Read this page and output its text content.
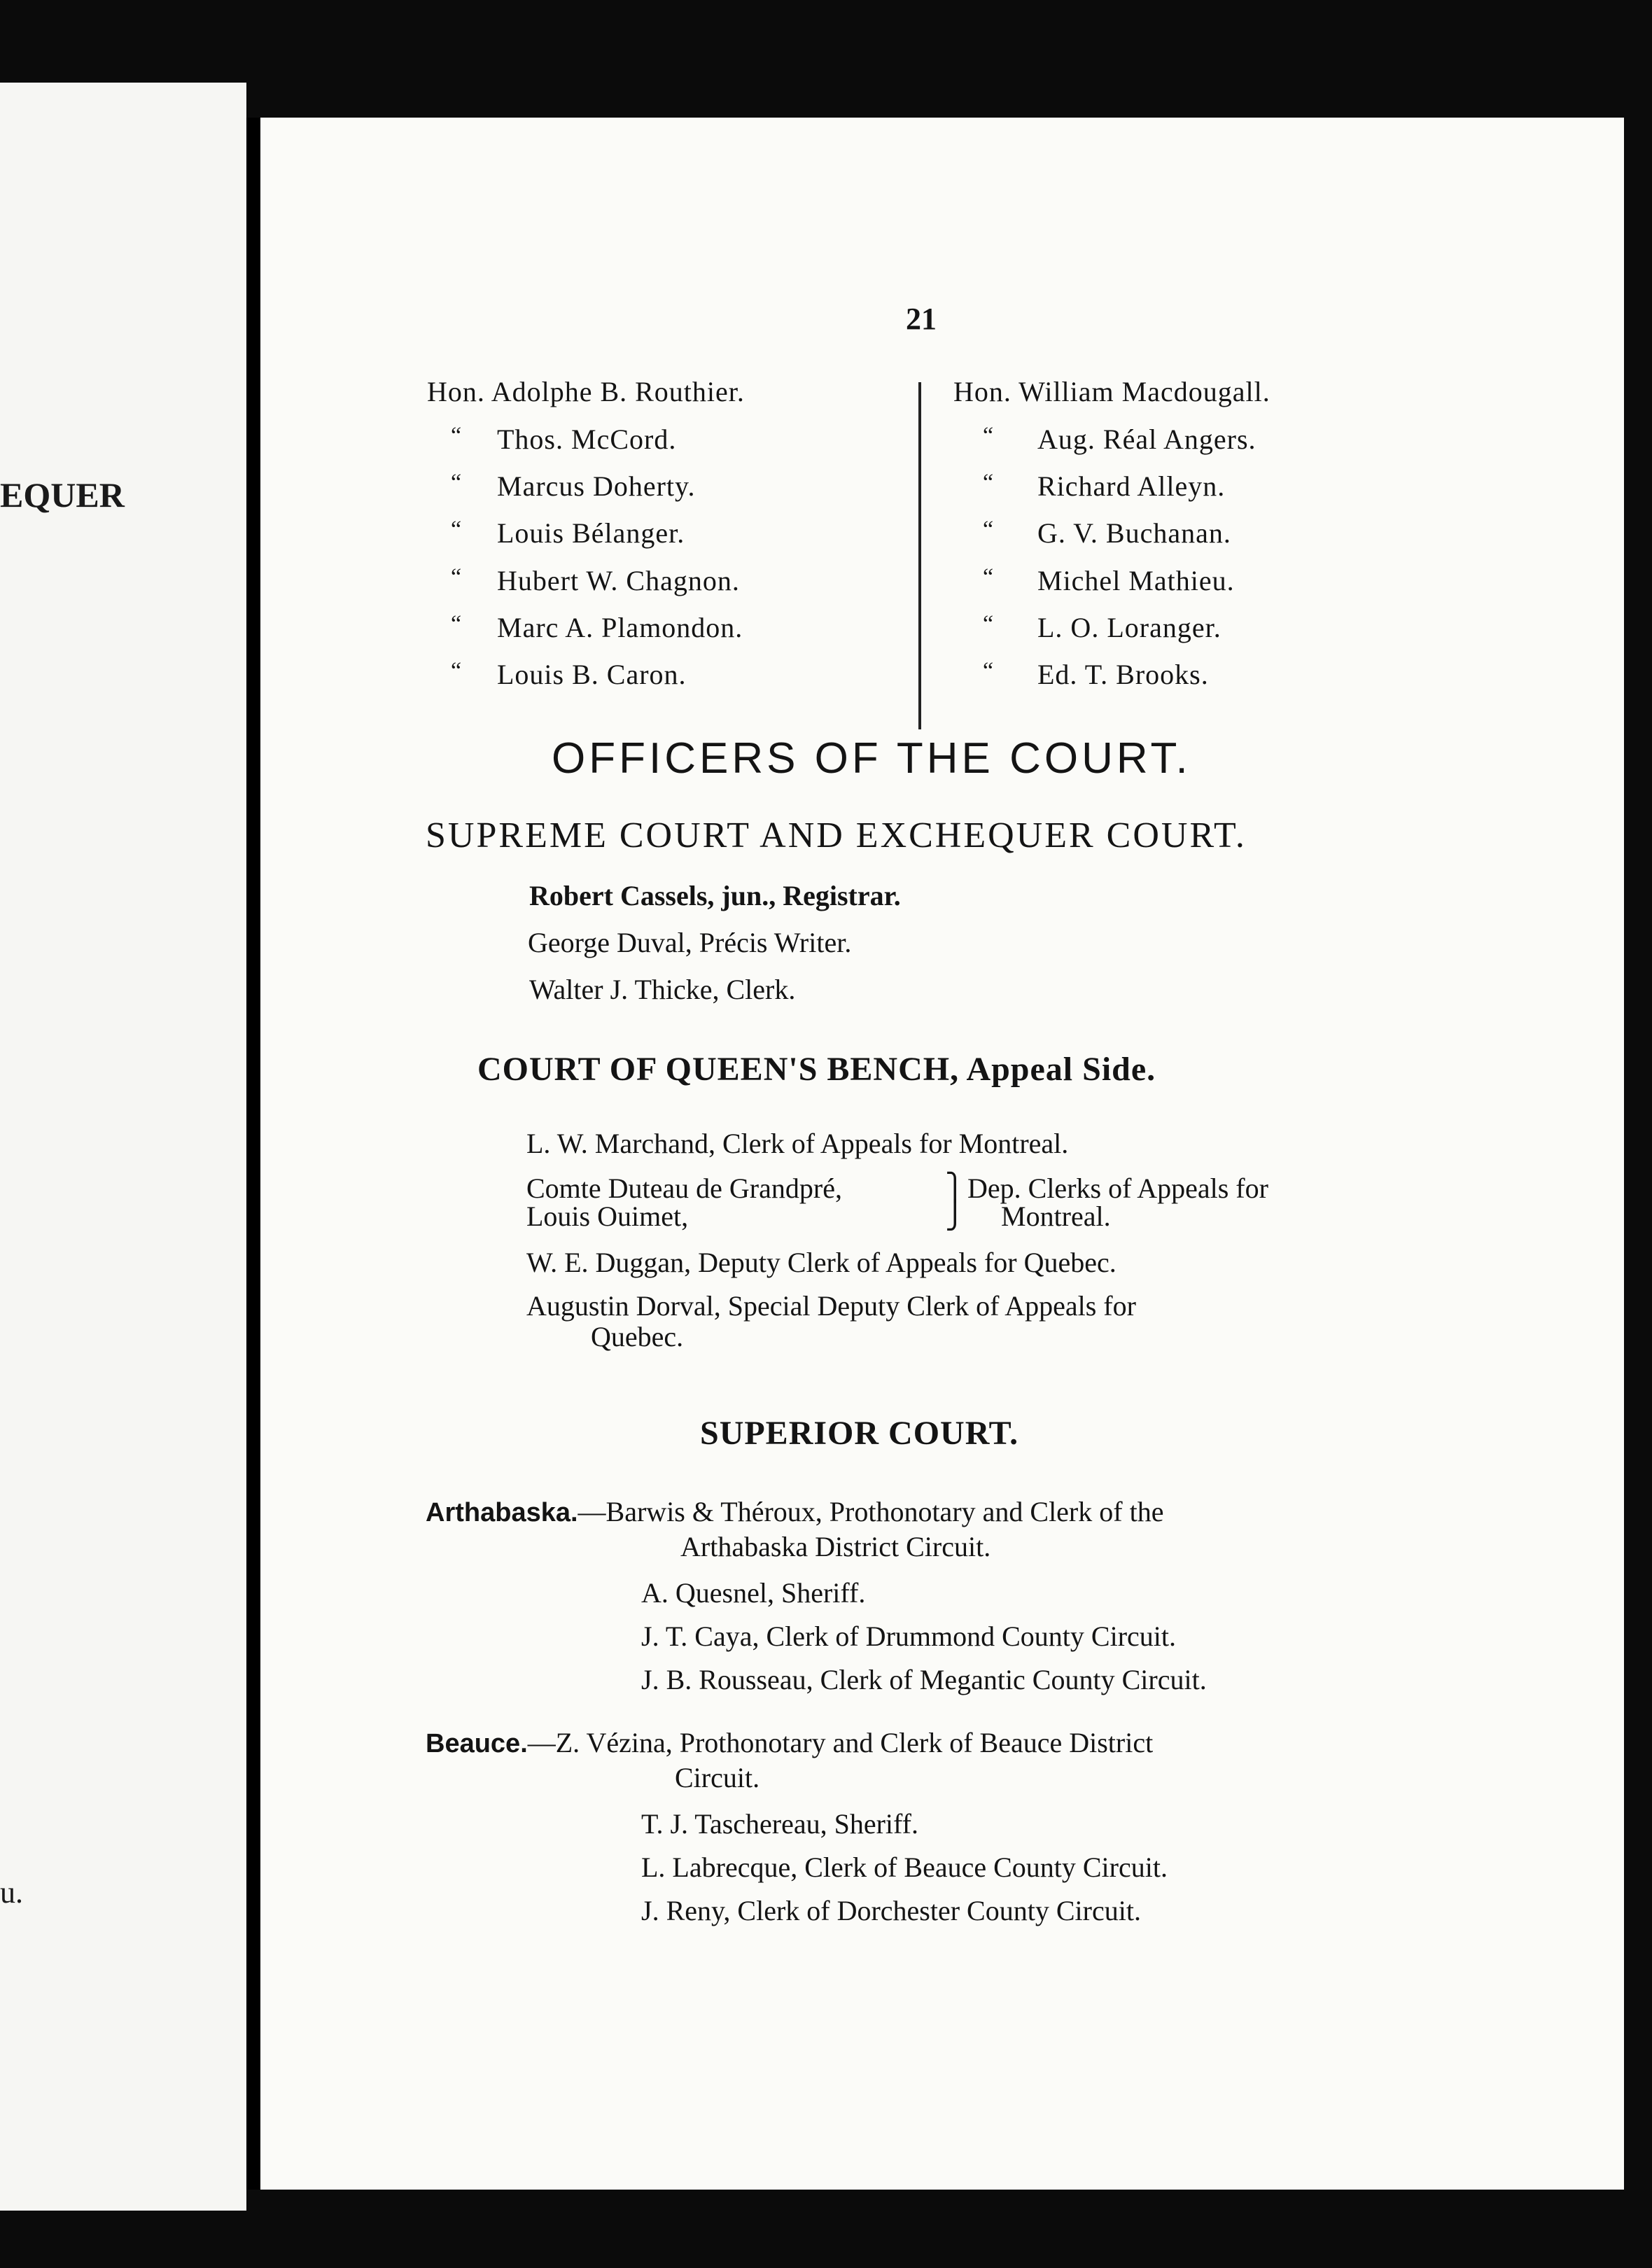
EQUER
u.
21
Hon. Adolphe B. Routhier.
“ Thos. McCord.
“ Marcus Doherty.
“ Louis Bélanger.
“ Hubert W. Chagnon.
“ Marc A. Plamondon.
“ Louis B. Caron.
Hon. William Macdougall.
“ Aug. Réal Angers.
“ Richard Alleyn.
“ G. V. Buchanan.
“ Michel Mathieu.
“ L. O. Loranger.
“ Ed. T. Brooks.
OFFICERS OF THE COURT.
SUPREME COURT AND EXCHEQUER COURT.
Robert Cassels, jun., Registrar.
George Duval, Précis Writer.
Walter J. Thicke, Clerk.
COURT OF QUEEN'S BENCH, Appeal Side.
L. W. Marchand, Clerk of Appeals for Montreal.
Comte Duteau de Grandpré,
Louis Ouimet,
⎫
⎭
Dep. Clerks of Appeals for
Montreal.
W. E. Duggan, Deputy Clerk of Appeals for Quebec.
Augustin Dorval, Special Deputy Clerk of Appeals for
Quebec.
SUPERIOR COURT.
Arthabaska.—Barwis & Théroux, Prothonotary and Clerk of the
Arthabaska District Circuit.
A. Quesnel, Sheriff.
J. T. Caya, Clerk of Drummond County Circuit.
J. B. Rousseau, Clerk of Megantic County Circuit.
Beauce.—Z. Vézina, Prothonotary and Clerk of Beauce District
Circuit.
T. J. Taschereau, Sheriff.
L. Labrecque, Clerk of Beauce County Circuit.
J. Reny, Clerk of Dorchester County Circuit.
